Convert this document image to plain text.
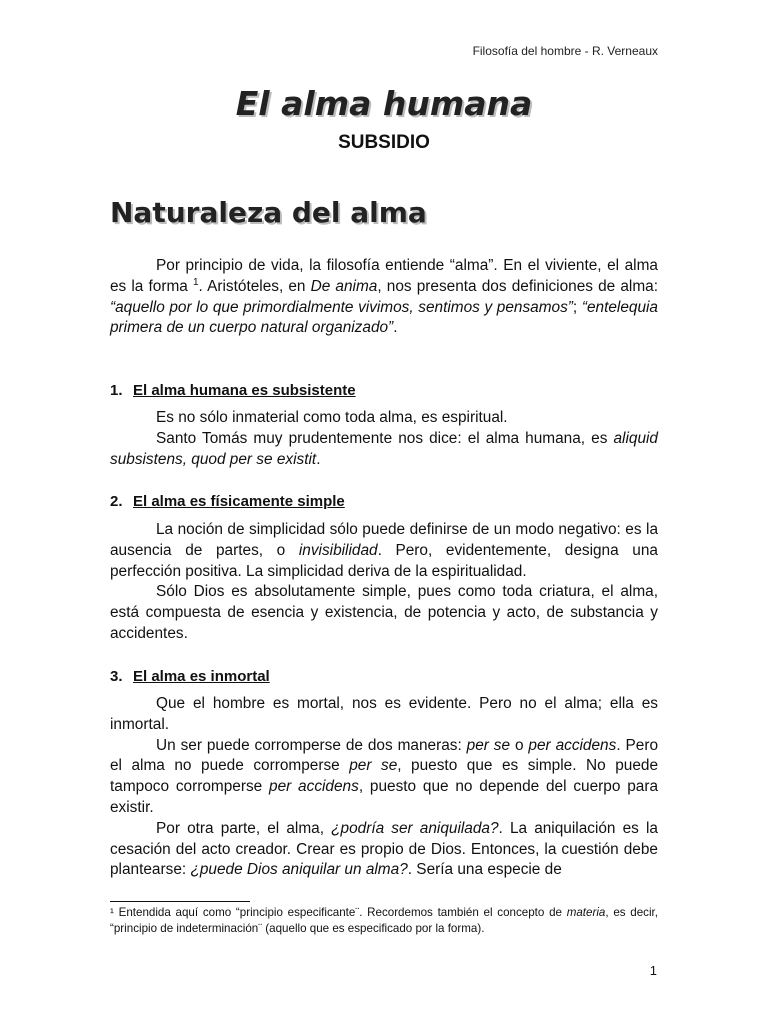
Filosofía del hombre - R. Verneaux
El alma humana
SUBSIDIO
Naturaleza del alma

Por principio de vida, la filosofía entiende “alma”. En el viviente, el alma es la forma $^1$. Aristóteles, en De anima, nos presenta dos definiciones de alma: “aquello por lo que primordialmente vivimos, sentimos y pensamos”; “entelequia primera de un cuerpo natural organizado”.

1. El alma humana es subsistente

Es no sólo inmaterial como toda alma, es espiritual.

Santo Tomás muy prudentemente nos dice: el alma humana, es aliquid subsistens, quod per se existit.

2. El alma es físicamente simple

La noción de simplicidad sólo puede definirse de un modo negativo: es la ausencia de partes, o invisibilidad. Pero, evidentemente, designa una perfección positiva. La simplicidad deriva de la espiritualidad.

Sólo Dios es absolutamente simple, pues como toda criatura, el alma, está compuesta de esencia y existencia, de potencia y acto, de substancia y accidentes.

3. El alma es inmortal

Que el hombre es mortal, nos es evidente. Pero no el alma; ella es inmortal.

Un ser puede corromperse de dos maneras: per se o per accidens. Pero el alma no puede corromperse per se, puesto que es simple. No puede tampoco corromperse per accidens, puesto que no depende del cuerpo para existir.

Por otra parte, el alma, ¿podría ser aniquilada?. La aniquilación es la cesación del acto creador. Crear es propio de Dios. Entonces, la cuestión debe plantearse: ¿puede Dios aniquilar un alma?. Sería una especie de

¹ Entendida aquí como “principio especificante¨. Recordemos también el concepto de materia, es decir, “principio de indeterminación¨ (aquello que es especificado por la forma).
1
